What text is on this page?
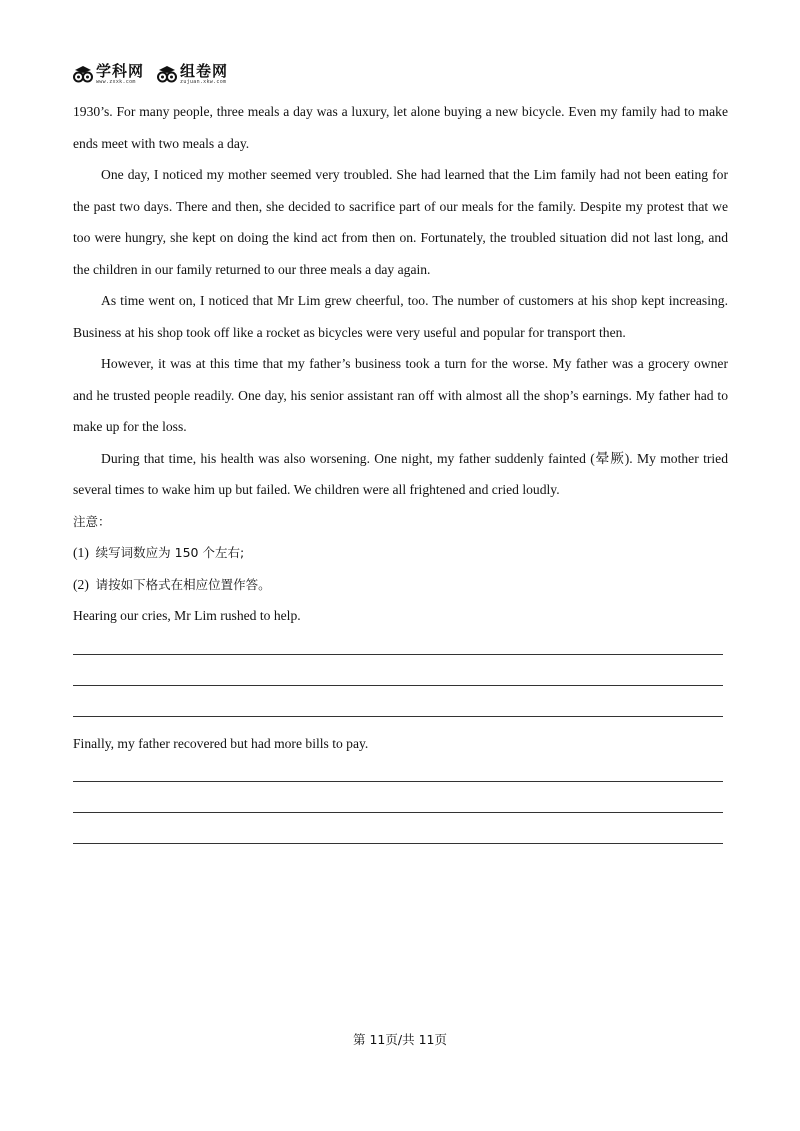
学科网
www.zxxk.com
组卷网
zujuan.xkw.com

1930’s. For many people, three meals a day was a luxury, let alone buying a new bicycle. Even my family had to make ends meet with two meals a day.

One day, I noticed my mother seemed very troubled. She had learned that the Lim family had not been eating for the past two days. There and then, she decided to sacrifice part of our meals for the family. Despite my protest that we too were hungry, she kept on doing the kind act from then on. Fortunately, the troubled situation did not last long, and the children in our family returned to our three meals a day again.

As time went on, I noticed that Mr Lim grew cheerful, too. The number of customers at his shop kept increasing. Business at his shop took off like a rocket as bicycles were very useful and popular for transport then.

However, it was at this time that my father’s business took a turn for the worse. My father was a grocery owner and he trusted people readily. One day, his senior assistant ran off with almost all the shop’s earnings. My father had to make up for the loss.

During that time, his health was also worsening. One night, my father suddenly fainted (晕厥). My mother tried several times to wake him up but failed. We children were all frightened and cried loudly.

注意：

(1) 续写词数应为 150 个左右;

(2) 请按如下格式在相应位置作答。

Hearing our cries, Mr Lim rushed to help.

Finally, my father recovered but had more bills to pay.

第 11页/共 11页
